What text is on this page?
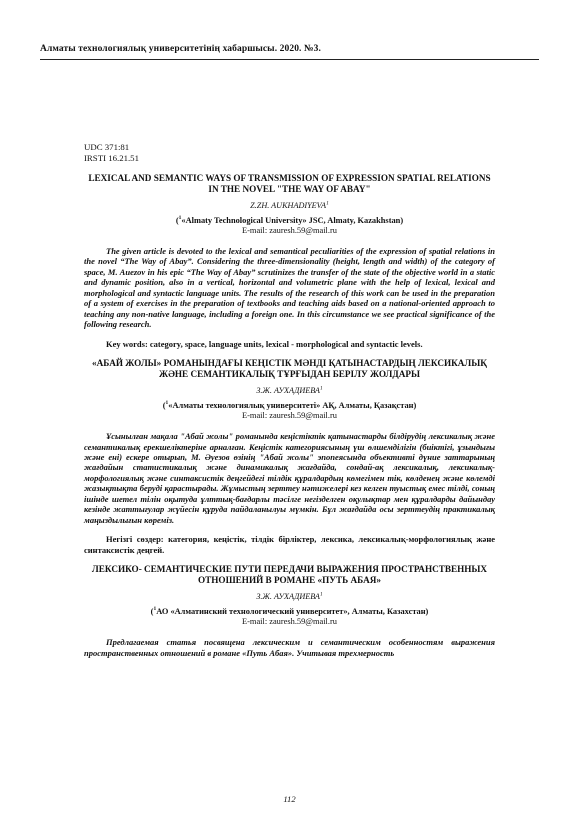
Алматы технологиялық университетінің хабаршысы. 2020. №3.
UDC 371:81
IRSTI 16.21.51
LEXICAL AND SEMANTIC WAYS OF TRANSMISSION OF EXPRESSION SPATIAL RELATIONS IN THE NOVEL "THE WAY OF ABAY"
Z.ZH. AUKHADIYEVA$^1$
($^1$«Almaty Technological University» JSC, Almaty, Kazakhstan)
E-mail: zauresh.59@mail.ru
The given article is devoted to the lexical and semantical peculiarities of the expression of spatial relations in the novel “The Way of Abay”. Considering the three-dimensionality (height, length and width) of the category of space, M. Auezov in his epic “The Way of Abay” scrutinizes the transfer of the state of the objective world in a static and dynamic position, also in a vertical, horizontal and volumetric plane with the help of lexical, lexical and morphological and syntactic language units. The results of the research of this work can be used in the preparation of a system of exercises in the preparation of textbooks and teaching aids based on a national-oriented approach to teaching any non-native language, including a foreign one. In this circumstance we see practical significance of the following research.
Key words: category, space, language units, lexical - morphological and syntactic levels.
«АБАЙ ЖОЛЫ» РОМАНЫНДАҒЫ КЕҢІСТІК МӘНДІ ҚАТЫНАСТАРДЫҢ ЛЕКСИКАЛЫҚ ЖӘНЕ СЕМАНТИКАЛЫҚ ТҰРҒЫДАН БЕРІЛУ ЖОЛДАРЫ
З.Ж. АУХАДИЕВА$^1$
($^1$«Алматы технологиялық университеті» АҚ, Алматы, Қазақстан)
E-mail: zauresh.59@mail.ru
Ұсынылған мақала "Абай жолы" романында кеңістіктік қатынастарды білдірудің лексикалық және семантикалық ерекшеліктеріне арналған. Кеңістік категориясының үш өлшемділігін (биіктігі, ұзындығы және ені) ескере отырып, М. Әуезов өзінің "Абай жолы" эпопеясында объективті дүние заттарының жағдайын статистикалық және динамикалық жағдайда, сондай-ақ лексикалық, лексикалық-морфологиялық және синтаксистік деңгейдегі тілдік құралдардың көмегімен тік, көлденең және көлемді жазықтықта беруді қарастырады. Жұмыстың зерттеу нәтижелері кез келген туыстық емес тілді, соның ішінде шетел тілін оқытуда ұлттық-бағдарлы тәсілге негізделген оқулықтар мен құралдарды дайындау кезінде жаттығулар жүйесін құруда пайдаланылуы мүмкін. Бұл жағдайда осы зерттеудің практикалық маңыздылығын көреміз.
Негізгі сөздер: категория, кеңістік, тілдік бірліктер, лексика, лексикалық-морфологиялық және синтаксистік деңгей.
ЛЕКСИКО- СЕМАНТИЧЕСКИЕ ПУТИ ПЕРЕДАЧИ ВЫРАЖЕНИЯ ПРОСТРАНСТВЕННЫХ ОТНОШЕНИЙ В РОМАНЕ «ПУТЬ АБАЯ»
З.Ж. АУХАДИЕВА$^1$
($^1$АО «Алматинский технологический университет», Алматы, Казахстан)
E-mail: zauresh.59@mail.ru
Предлагаемая статья посвящена лексическим и семантическим особенностям выражения пространственных отношений в романе «Путь Абая». Учитывая трехмерность
112
